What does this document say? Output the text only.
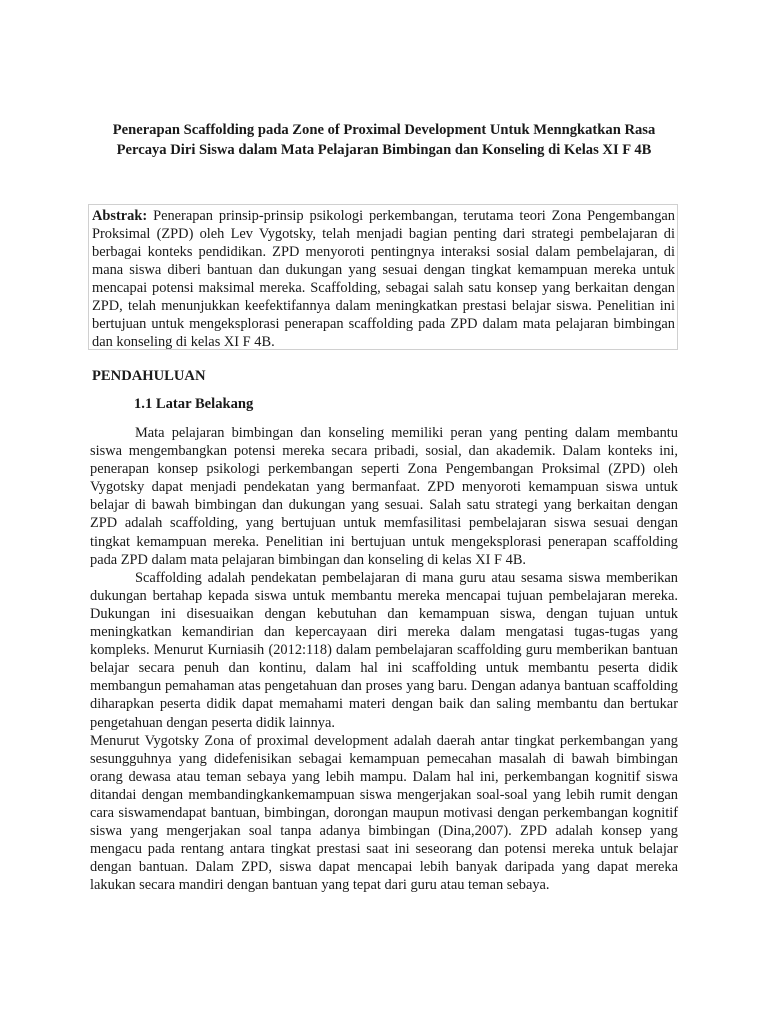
Penerapan Scaffolding pada Zone of Proximal Development Untuk Menngkatkan Rasa
Percaya Diri Siswa dalam Mata Pelajaran Bimbingan dan Konseling di Kelas XI F 4B
Abstrak: Penerapan prinsip-prinsip psikologi perkembangan, terutama teori Zona Pengembangan Proksimal (ZPD) oleh Lev Vygotsky, telah menjadi bagian penting dari strategi pembelajaran di berbagai konteks pendidikan. ZPD menyoroti pentingnya interaksi sosial dalam pembelajaran, di mana siswa diberi bantuan dan dukungan yang sesuai dengan tingkat kemampuan mereka untuk mencapai potensi maksimal mereka. Scaffolding, sebagai salah satu konsep yang berkaitan dengan ZPD, telah menunjukkan keefektifannya dalam meningkatkan prestasi belajar siswa. Penelitian ini bertujuan untuk mengeksplorasi penerapan scaffolding pada ZPD dalam mata pelajaran bimbingan dan konseling di kelas XI F 4B.
PENDAHULUAN
1.1 Latar Belakang

Mata pelajaran bimbingan dan konseling memiliki peran yang penting dalam membantu siswa mengembangkan potensi mereka secara pribadi, sosial, dan akademik. Dalam konteks ini, penerapan konsep psikologi perkembangan seperti Zona Pengembangan Proksimal (ZPD) oleh Vygotsky dapat menjadi pendekatan yang bermanfaat. ZPD menyoroti kemampuan siswa untuk belajar di bawah bimbingan dan dukungan yang sesuai. Salah satu strategi yang berkaitan dengan ZPD adalah scaffolding, yang bertujuan untuk memfasilitasi pembelajaran siswa sesuai dengan tingkat kemampuan mereka. Penelitian ini bertujuan untuk mengeksplorasi penerapan scaffolding pada ZPD dalam mata pelajaran bimbingan dan konseling di kelas XI F 4B.

Scaffolding adalah pendekatan pembelajaran di mana guru atau sesama siswa memberikan dukungan bertahap kepada siswa untuk membantu mereka mencapai tujuan pembelajaran mereka. Dukungan ini disesuaikan dengan kebutuhan dan kemampuan siswa, dengan tujuan untuk meningkatkan kemandirian dan kepercayaan diri mereka dalam mengatasi tugas-tugas yang kompleks. Menurut Kurniasih (2012:118) dalam pembelajaran scaffolding guru memberikan bantuan belajar secara penuh dan kontinu, dalam hal ini scaffolding untuk membantu peserta didik membangun pemahaman atas pengetahuan dan proses yang baru. Dengan adanya bantuan scaffolding diharapkan peserta didik dapat memahami materi dengan baik dan saling membantu dan bertukar pengetahuan dengan peserta didik lainnya.

Menurut Vygotsky Zona of proximal development adalah daerah antar tingkat perkembangan yang sesungguhnya yang didefenisikan sebagai kemampuan pemecahan masalah di bawah bimbingan orang dewasa atau teman sebaya yang lebih mampu. Dalam hal ini, perkembangan kognitif siswa ditandai dengan membandingkankemampuan siswa mengerjakan soal-soal yang lebih rumit dengan cara siswamendapat bantuan, bimbingan, dorongan maupun motivasi dengan perkembangan kognitif siswa yang mengerjakan soal tanpa adanya bimbingan (Dina,2007). ZPD adalah konsep yang mengacu pada rentang antara tingkat prestasi saat ini seseorang dan potensi mereka untuk belajar dengan bantuan. Dalam ZPD, siswa dapat mencapai lebih banyak daripada yang dapat mereka lakukan secara mandiri dengan bantuan yang tepat dari guru atau teman sebaya.
